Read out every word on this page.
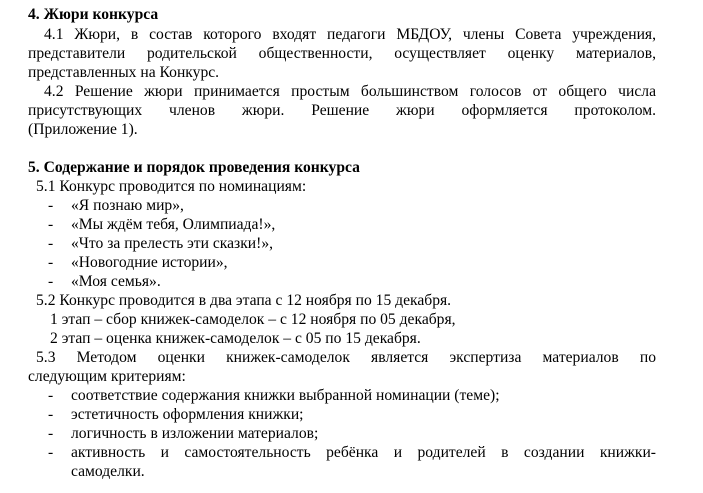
4. Жюри конкурса
4.1 Жюри, в состав которого входят педагоги МБДОУ, члены Совета учреждения,
представители родительской общественности, осуществляет оценку материалов,
представленных на Конкурс.
4.2 Решение жюри принимается простым большинством голосов от общего числа
присутствующих членов жюри. Решение жюри оформляется протоколом.
(Приложение 1).
5. Содержание и порядок проведения конкурса
5.1 Конкурс проводится по номинациям:
- «Я познаю мир»,
- «Мы ждём тебя, Олимпиада!»,
- «Что за прелесть эти сказки!»,
- «Новогодние истории»,
- «Моя семья».
5.2 Конкурс проводится в два этапа с 12 ноября по 15 декабря.
1 этап – сбор книжек-самоделок – с 12 ноября по 05 декабря,
2 этап – оценка книжек-самоделок – с 05 по 15 декабря.
5.3 Методом оценки книжек-самоделок является экспертиза материалов по
следующим критериям:
- соответствие содержания книжки выбранной номинации (теме);
- эстетичность оформления книжки;
- логичность в изложении материалов;
- активность и самостоятельность ребёнка и родителей в создании книжки-
самоделки.
